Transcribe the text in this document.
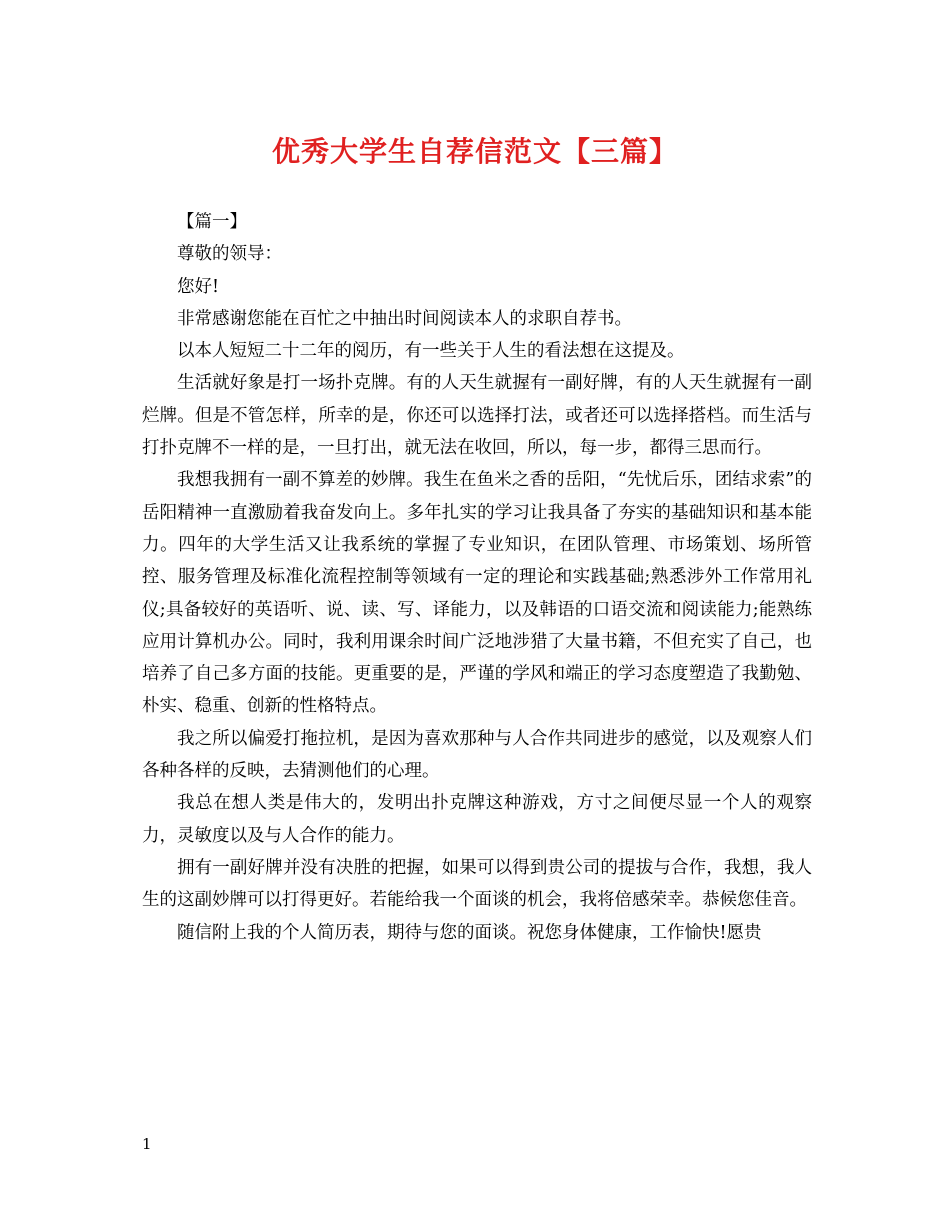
优秀大学生自荐信范文【三篇】

【篇一】

尊敬的领导：

您好!

非常感谢您能在百忙之中抽出时间阅读本人的求职自荐书。

以本人短短二十二年的阅历，有一些关于人生的看法想在这提及。

生活就好象是打一场扑克牌。有的人天生就握有一副好牌，有的人天生就握有一副烂牌。但是不管怎样，所幸的是，你还可以选择打法，或者还可以选择搭档。而生活与打扑克牌不一样的是，一旦打出，就无法在收回，所以，每一步，都得三思而行。

我想我拥有一副不算差的妙牌。我生在鱼米之香的岳阳，“先忧后乐，团结求索”的岳阳精神一直激励着我奋发向上。多年扎实的学习让我具备了夯实的基础知识和基本能力。四年的大学生活又让我系统的掌握了专业知识，在团队管理、市场策划、场所管控、服务管理及标准化流程控制等领域有一定的理论和实践基础;熟悉涉外工作常用礼仪;具备较好的英语听、说、读、写、译能力，以及韩语的口语交流和阅读能力;能熟练应用计算机办公。同时，我利用课余时间广泛地涉猎了大量书籍，不但充实了自己，也培养了自己多方面的技能。更重要的是，严谨的学风和端正的学习态度塑造了我勤勉、朴实、稳重、创新的性格特点。

我之所以偏爱打拖拉机，是因为喜欢那种与人合作共同进步的感觉，以及观察人们各种各样的反映，去猜测他们的心理。

我总在想人类是伟大的，发明出扑克牌这种游戏，方寸之间便尽显一个人的观察力，灵敏度以及与人合作的能力。

拥有一副好牌并没有决胜的把握，如果可以得到贵公司的提拔与合作，我想，我人生的这副妙牌可以打得更好。若能给我一个面谈的机会，我将倍感荣幸。恭候您佳音。

随信附上我的个人简历表，期待与您的面谈。祝您身体健康，工作愉快!愿贵

1
